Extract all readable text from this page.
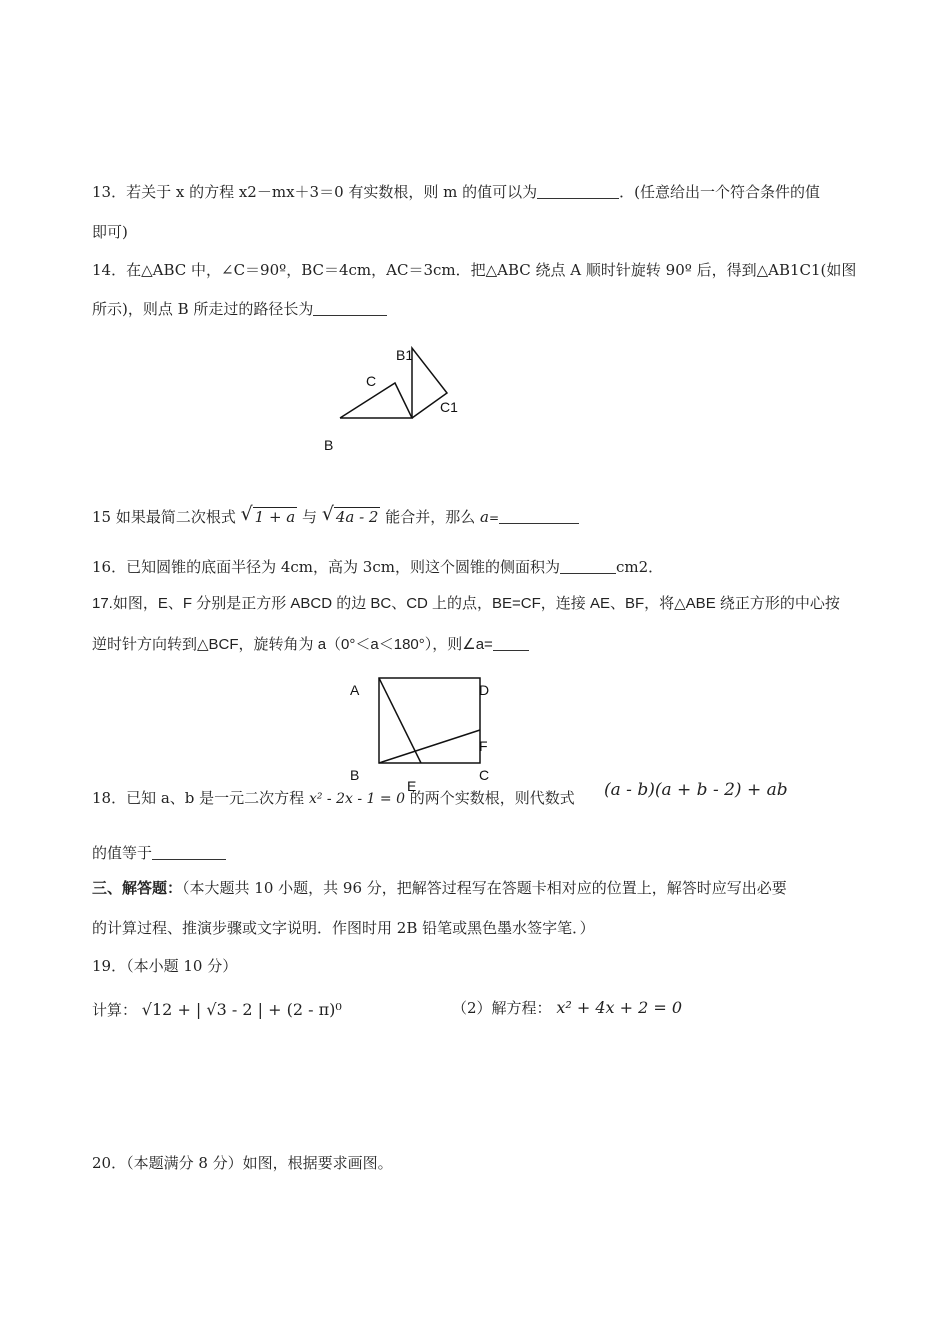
13．若关于 x 的方程 x2－mx＋3＝0 有实数根，则 m 的值可以为	．(任意给出一个符合条件的值
即可)
14．在△ABC 中，∠C＝90º，BC＝4cm，AC＝3cm．把△ABC 绕点 A 顺时针旋转 90º 后，得到△AB1C1(如图
所示)，则点 B 所走过的路径长为
B1
C
C1
B
15 如果最简二次根式 √ 1 + a 与 √ 4a - 2 能合并，那么 a=
16．已知圆锥的底面半径为 4cm，高为 3cm，则这个圆锥的侧面积为	cm2．
17.如图，E、F 分别是正方形 ABCD 的边 BC、CD 上的点，BE=CF，连接 AE、BF，将△ABE 绕正方形的中心按
逆时针方向转到△BCF，旋转角为 a（0°＜a＜180°），则∠a=
A	D
F
B
E
C
18．已知 a、b 是一元二次方程 x² - 2x - 1 = 0 的两个实数根，则代数式 (a - b)(a + b - 2) + ab
的值等于
三、解答题：（本大题共 10 小题，共 96 分，把解答过程写在答题卡相对应的位置上，解答时应写出必要
的计算过程、推演步骤或文字说明．作图时用 2B 铅笔或黑色墨水签字笔．）
19．（本小题 10 分）
计算： √12 + | √3 - 2 | + (2 - π)⁰	（2）解方程： x² + 4x + 2 = 0
20．（本题满分 8 分）如图，根据要求画图。
